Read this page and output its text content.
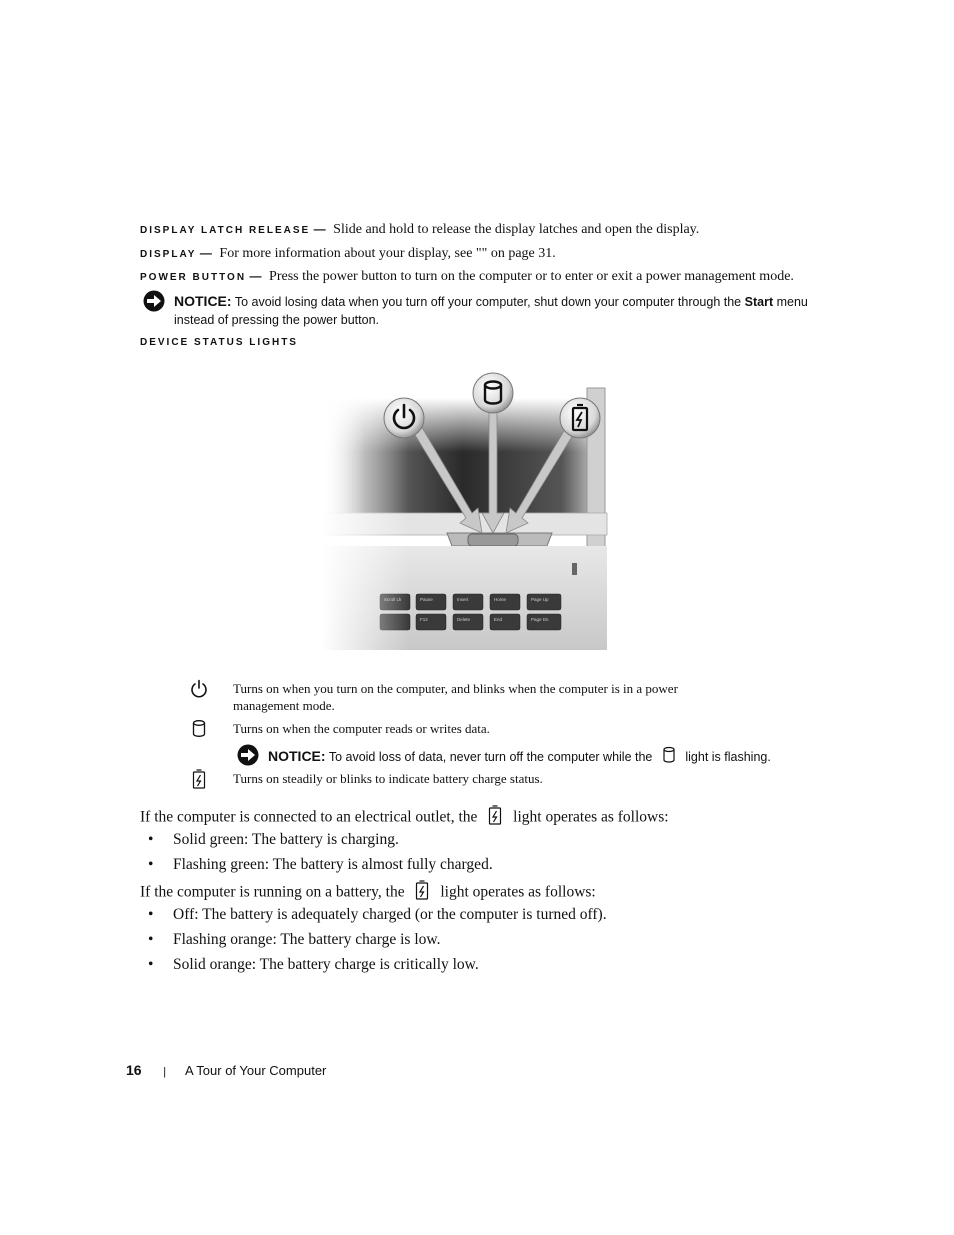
DISPLAY LATCH RELEASE — Slide and hold to release the display latches and open the display.
DISPLAY — For more information about your display, see "" on page 31.
POWER BUTTON — Press the power button to turn on the computer or to enter or exit a power management mode.
NOTICE: To avoid losing data when you turn off your computer, shut down your computer through the Start menu
instead of pressing the power button.
DEVICE STATUS LIGHTS
Turns on when you turn on the computer, and blinks when the computer is in a power
management mode.
Turns on when the computer reads or writes data.
NOTICE: To avoid loss of data, never turn off the computer while the	light is flashing.
Turns on steadily or blinks to indicate battery charge status.
If the computer is connected to an electrical outlet, the light operates as follows:
• Solid green: The battery is charging.
• Flashing green: The battery is almost fully charged.
If the computer is running on a battery, the light operates as follows:
• Off: The battery is adequately charged (or the computer is turned off).
• Flashing orange: The battery charge is low.
• Solid orange: The battery charge is critically low.
16 | A Tour of Your Computer
